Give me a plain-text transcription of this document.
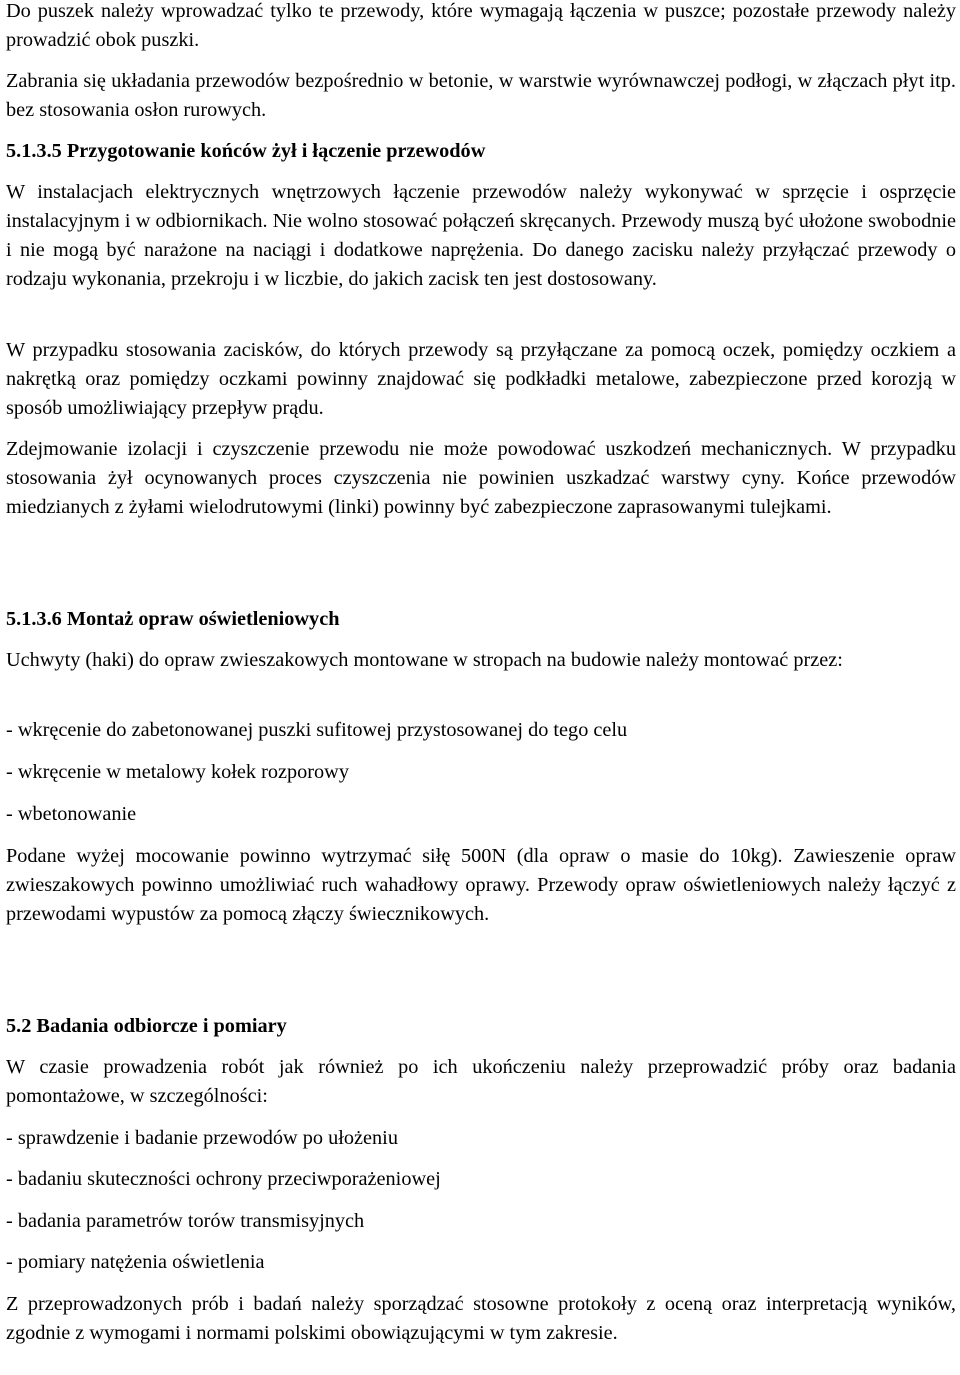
Do puszek należy wprowadzać tylko te przewody, które wymagają łączenia w puszce; pozostałe przewody należy prowadzić obok puszki.

Zabrania się układania przewodów bezpośrednio w betonie, w warstwie wyrównawczej podłogi, w złączach płyt itp. bez stosowania osłon rurowych.

5.1.3.5 Przygotowanie końców żył i łączenie przewodów

W instalacjach elektrycznych wnętrzowych łączenie przewodów należy wykonywać w sprzęcie i osprzęcie instalacyjnym i w odbiornikach. Nie wolno stosować połączeń skręcanych. Przewody muszą być ułożone swobodnie i nie mogą być narażone na naciągi i dodatkowe naprężenia. Do danego zacisku należy przyłączać przewody o rodzaju wykonania, przekroju i w liczbie, do jakich zacisk ten jest dostosowany.

W przypadku stosowania zacisków, do których przewody są przyłączane za pomocą oczek, pomiędzy oczkiem a nakrętką oraz pomiędzy oczkami powinny znajdować się podkładki metalowe, zabezpieczone przed korozją w sposób umożliwiający przepływ prądu.

Zdejmowanie izolacji i czyszczenie przewodu nie może powodować uszkodzeń mechanicznych. W przypadku stosowania żył ocynowanych proces czyszczenia nie powinien uszkadzać warstwy cyny. Końce przewodów miedzianych z żyłami wielodrutowymi (linki) powinny być zabezpieczone zaprasowanymi tulejkami.

5.1.3.6 Montaż opraw oświetleniowych

Uchwyty (haki) do opraw zwieszakowych montowane w stropach na budowie należy montować przez:

- wkręcenie do zabetonowanej puszki sufitowej przystosowanej do tego celu

- wkręcenie w metalowy kołek rozporowy

- wbetonowanie

Podane wyżej mocowanie powinno wytrzymać siłę 500N (dla opraw o masie do 10kg). Zawieszenie opraw zwieszakowych powinno umożliwiać ruch wahadłowy oprawy. Przewody opraw oświetleniowych należy łączyć z przewodami wypustów za pomocą złączy świecznikowych.

5.2 Badania odbiorcze i pomiary

W czasie prowadzenia robót jak również po ich ukończeniu należy przeprowadzić próby oraz badania pomontażowe, w szczególności:

- sprawdzenie i badanie przewodów po ułożeniu

- badaniu skuteczności ochrony przeciwporażeniowej

- badania parametrów torów transmisyjnych

- pomiary natężenia oświetlenia

Z przeprowadzonych prób i badań należy sporządzać stosowne protokoły z oceną oraz interpretacją wyników, zgodnie z wymogami i normami polskimi obowiązującymi w tym zakresie.
